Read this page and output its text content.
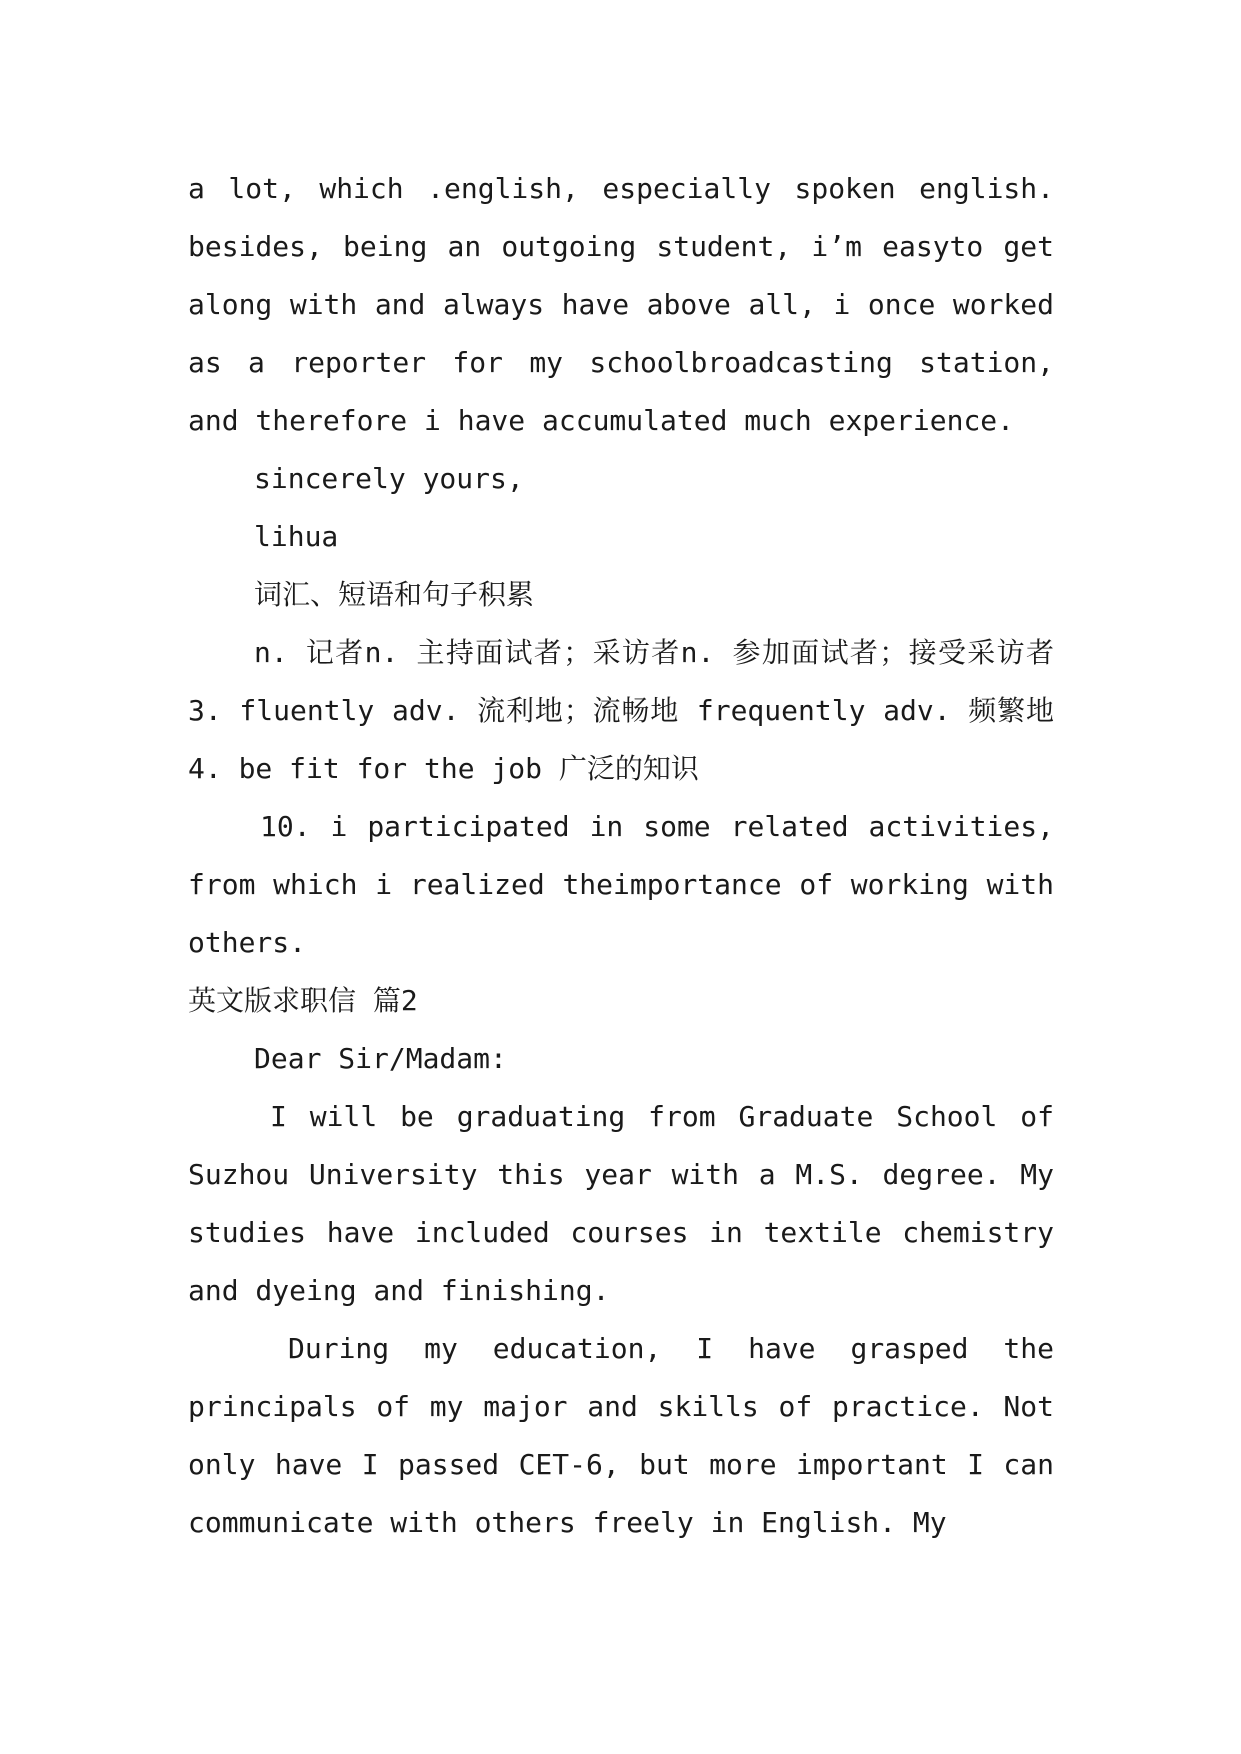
a lot, which .english, especially spoken english. besides, being an outgoing student, i’m easyto get along with and always have above all, i once worked as a reporter for my schoolbroadcasting station, and therefore i have accumulated much experience.

sincerely yours,

lihua

词汇、短语和句子积累

n. 记者n. 主持面试者；采访者n. 参加面试者；接受采访者 3. fluently adv. 流利地；流畅地 frequently adv. 频繁地 4. be fit for the job 广泛的知识

10. i participated in some related activities, from which i realized theimportance of working with others.

英文版求职信 篇2

Dear Sir/Madam:

I will be graduating from Graduate School of Suzhou University this year with a M.S. degree. My studies have included courses in textile chemistry and dyeing and finishing.

During my education, I have grasped the principals of my major and skills of practice. Not only have I passed CET-6, but more important I can communicate with others freely in English. My
